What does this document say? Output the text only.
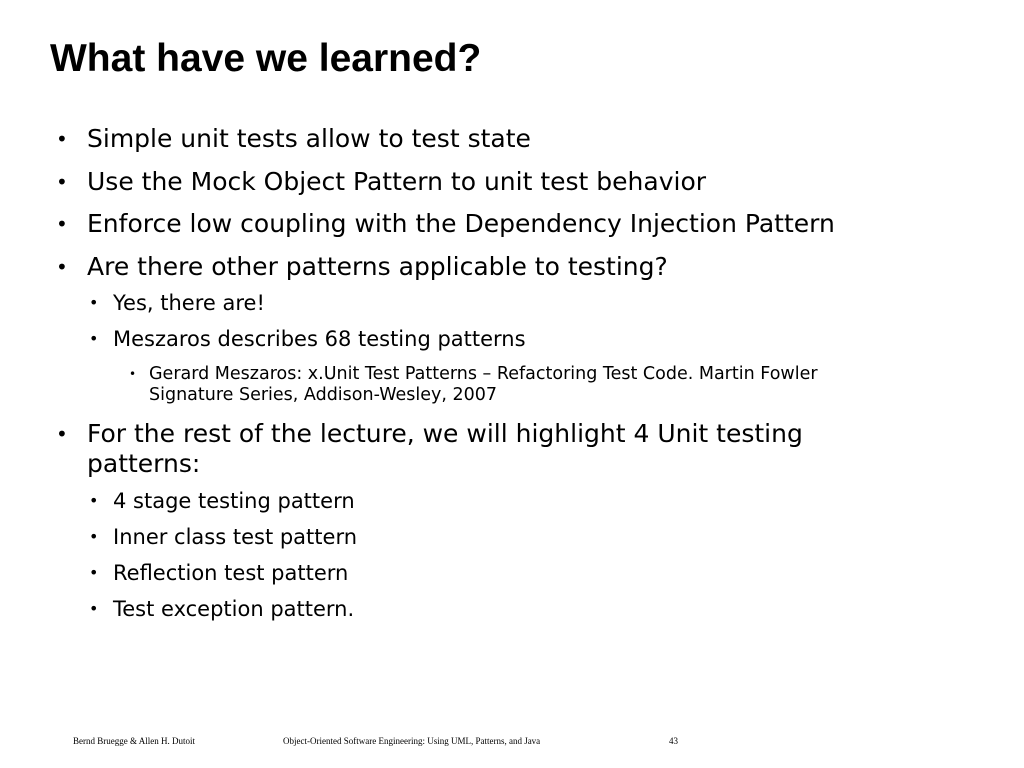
What have we learned?
• Simple unit tests allow to test state
• Use the Mock Object Pattern to unit test behavior
• Enforce low coupling with the Dependency Injection Pattern
• Are there other patterns applicable to testing?
• Yes, there are!
• Meszaros describes 68 testing patterns
• Gerard Meszaros: x.Unit Test Patterns – Refactoring Test Code. Martin Fowler
Signature Series, Addison-Wesley, 2007
• For the rest of the lecture, we will highlight 4 Unit testing
patterns:
• 4 stage testing pattern
• Inner class test pattern
• Reflection test pattern
• Test exception pattern.
Bernd Bruegge & Allen H. Dutoit	Object-Oriented Software Engineering: Using UML, Patterns, and Java	43
